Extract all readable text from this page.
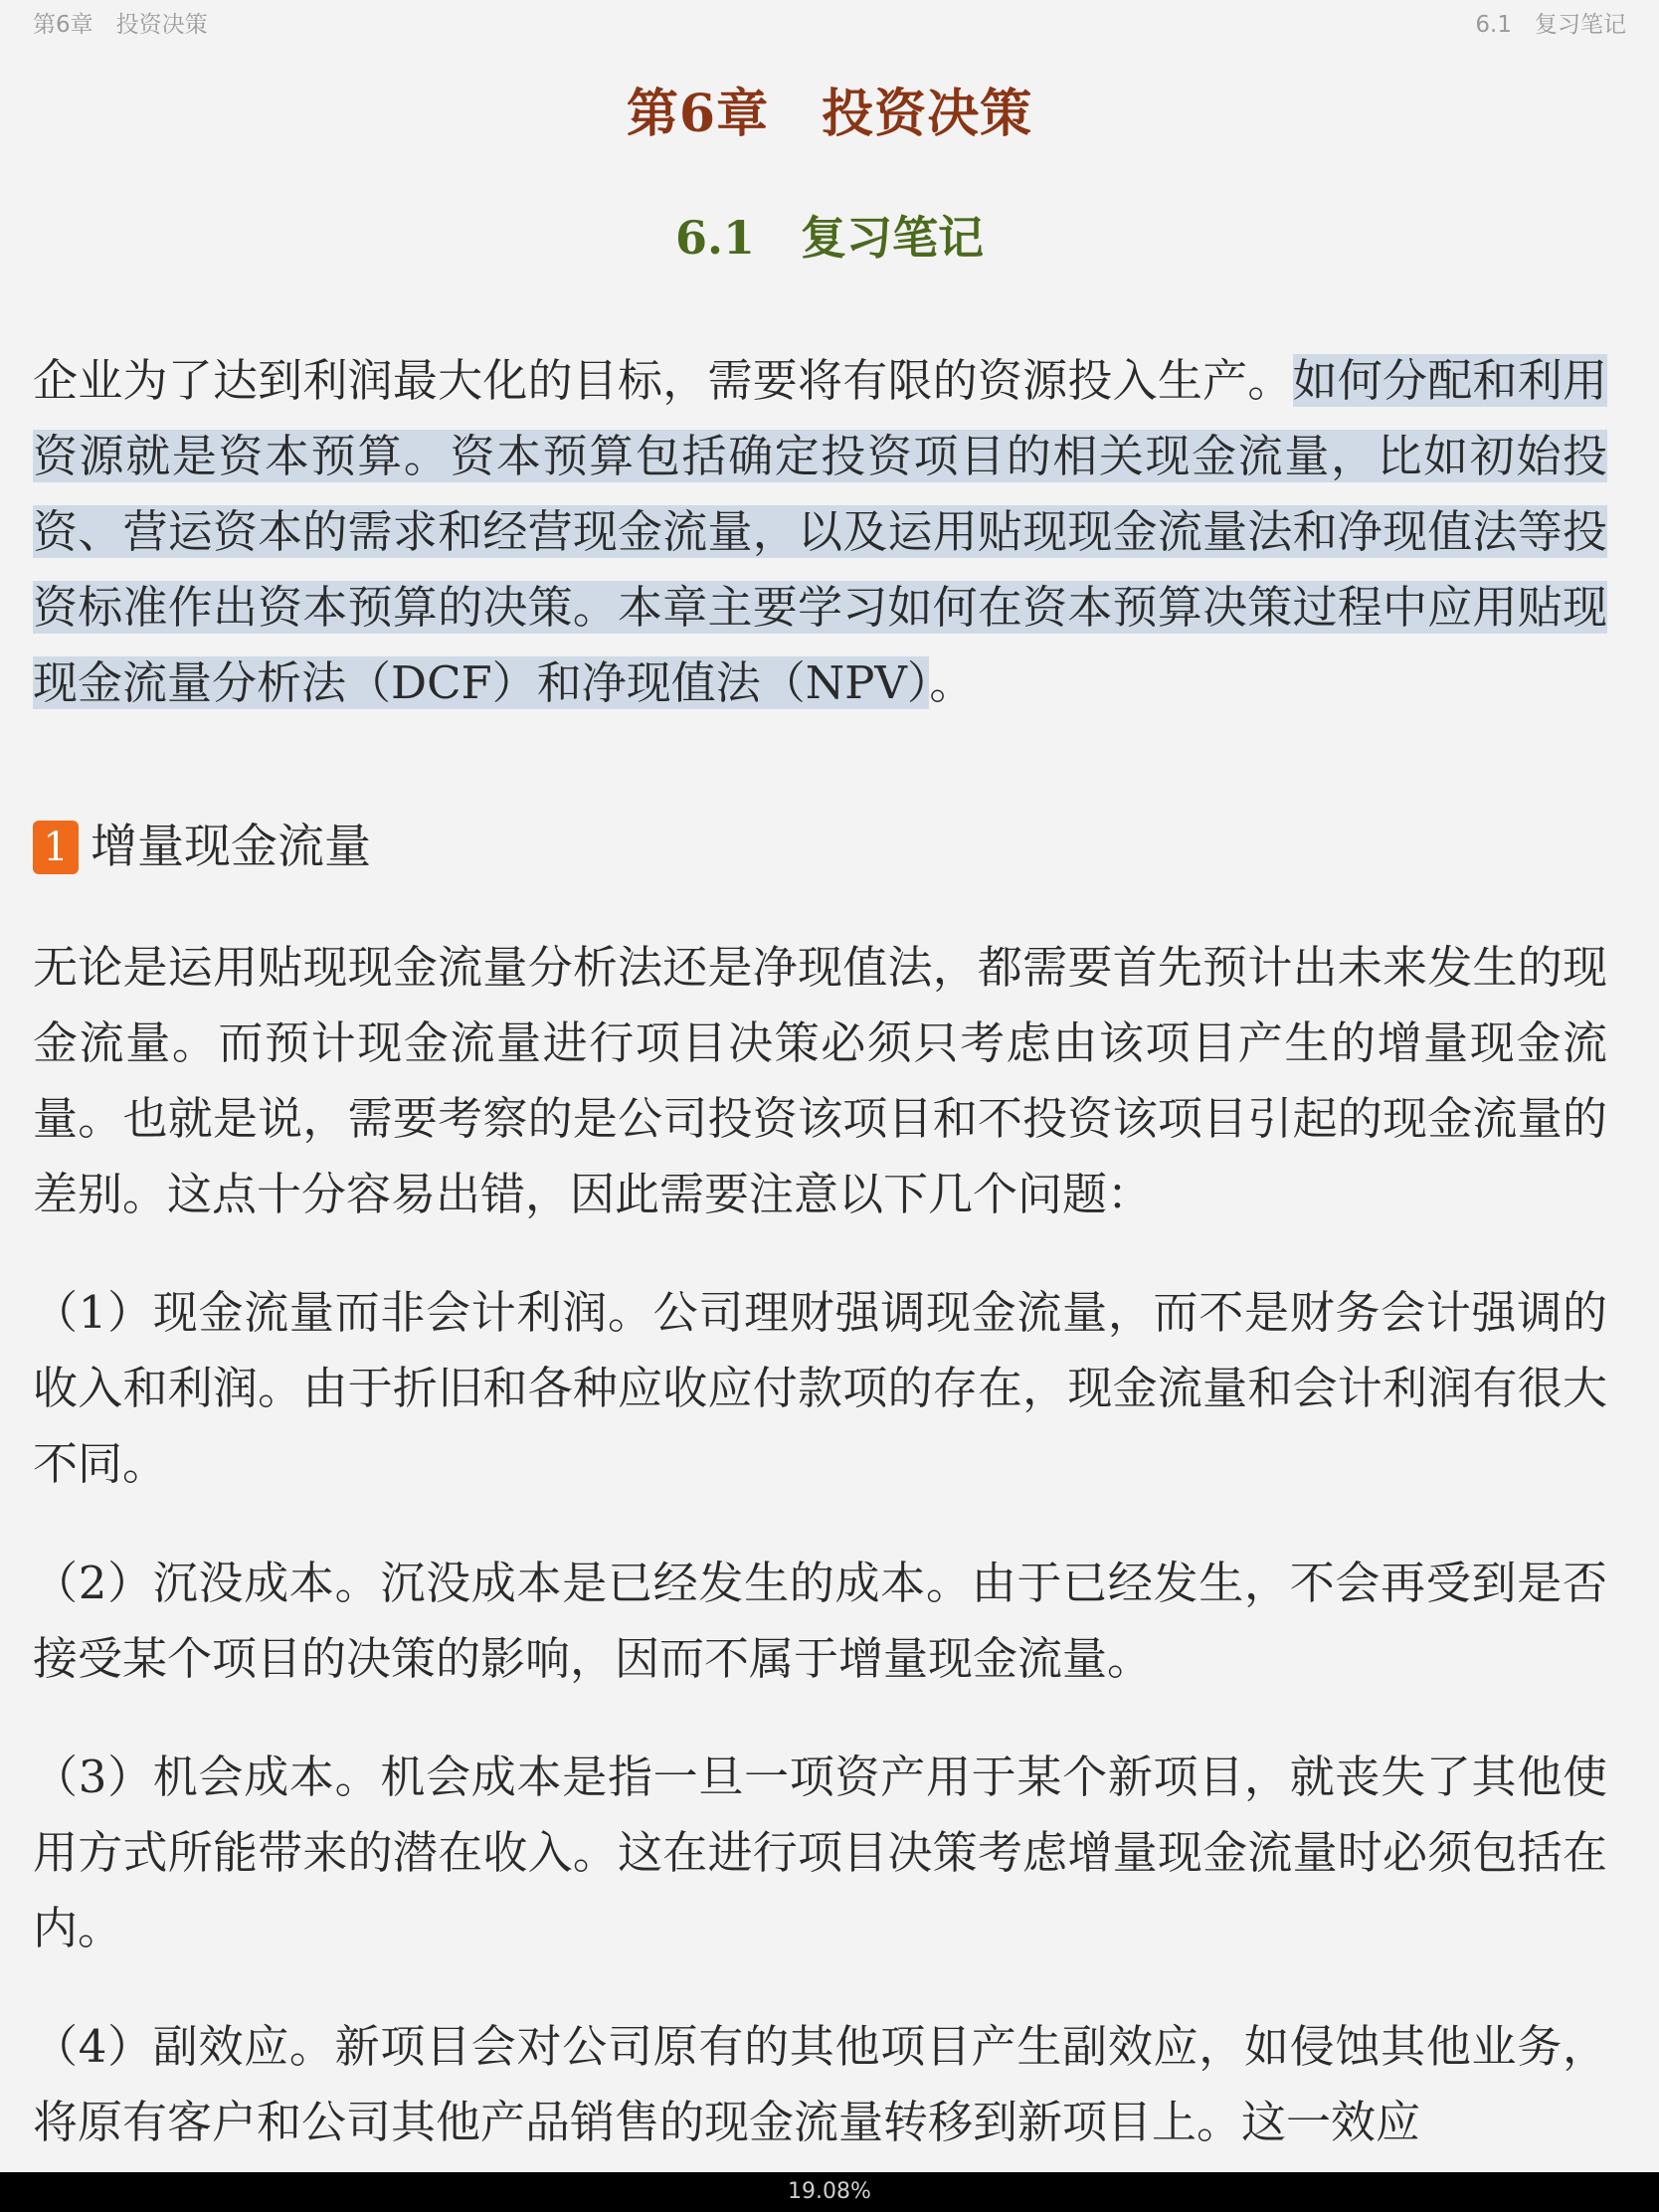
第6章　投资决策	6.1　复习笔记
第6章　投资决策
6.1　复习笔记
企业为了达到利润最大化的目标，需要将有限的资源投入生产。如何分配和利用资源就是资本预算。资本预算包括确定投资项目的相关现金流量，比如初始投资、营运资本的需求和经营现金流量，以及运用贴现现金流量法和净现值法等投资标准作出资本预算的决策。本章主要学习如何在资本预算决策过程中应用贴现现金流量分析法（DCF）和净现值法（NPV）。
1 增量现金流量
无论是运用贴现现金流量分析法还是净现值法，都需要首先预计出未来发生的现金流量。而预计现金流量进行项目决策必须只考虑由该项目产生的增量现金流量。也就是说，需要考察的是公司投资该项目和不投资该项目引起的现金流量的差别。这点十分容易出错，因此需要注意以下几个问题：
（1）现金流量而非会计利润。公司理财强调现金流量，而不是财务会计强调的收入和利润。由于折旧和各种应收应付款项的存在，现金流量和会计利润有很大不同。
（2）沉没成本。沉没成本是已经发生的成本。由于已经发生，不会再受到是否接受某个项目的决策的影响，因而不属于增量现金流量。
（3）机会成本。机会成本是指一旦一项资产用于某个新项目，就丧失了其他使用方式所能带来的潜在收入。这在进行项目决策考虑增量现金流量时必须包括在内。
（4）副效应。新项目会对公司原有的其他项目产生副效应，如侵蚀其他业务，将原有客户和公司其他产品销售的现金流量转移到新项目上。这一效应
19.08%
